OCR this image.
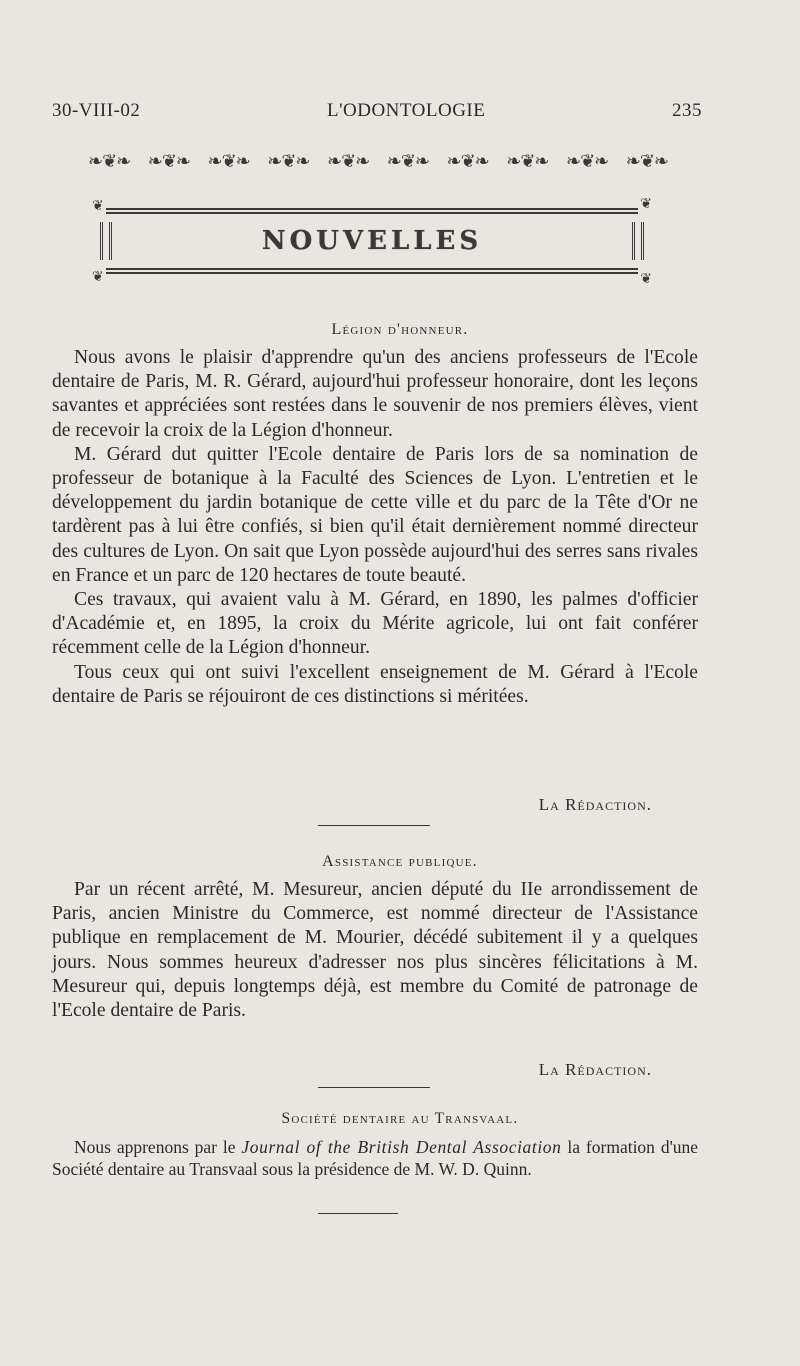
30-VIII-02	L'ODONTOLOGIE	235
❧❦❧ ❧❦❧ ❧❦❧ ❧❦❧ ❧❦❧ ❧❦❧ ❧❦❧ ❧❦❧ ❧❦❧ ❧❦❧
❦	❦
❦	❦
NOUVELLES
Légion d'honneur.

Nous avons le plaisir d'apprendre qu'un des anciens professeurs de l'Ecole dentaire de Paris, M. R. Gérard, aujourd'hui professeur honoraire, dont les leçons savantes et appréciées sont restées dans le souvenir de nos premiers élèves, vient de recevoir la croix de la Légion d'honneur.

M. Gérard dut quitter l'Ecole dentaire de Paris lors de sa nomination de professeur de botanique à la Faculté des Sciences de Lyon. L'entretien et le développement du jardin botanique de cette ville et du parc de la Tête d'Or ne tardèrent pas à lui être confiés, si bien qu'il était dernièrement nommé directeur des cultures de Lyon. On sait que Lyon possède aujourd'hui des serres sans rivales en France et un parc de 120 hectares de toute beauté.

Ces travaux, qui avaient valu à M. Gérard, en 1890, les palmes d'officier d'Académie et, en 1895, la croix du Mérite agricole, lui ont fait conférer récemment celle de la Légion d'honneur.

Tous ceux qui ont suivi l'excellent enseignement de M. Gérard à l'Ecole dentaire de Paris se réjouiront de ces distinctions si méritées.

La Rédaction.
Assistance publique.

Par un récent arrêté, M. Mesureur, ancien député du IIe arrondissement de Paris, ancien Ministre du Commerce, est nommé directeur de l'Assistance publique en remplacement de M. Mourier, décédé subitement il y a quelques jours. Nous sommes heureux d'adresser nos plus sincères félicitations à M. Mesureur qui, depuis longtemps déjà, est membre du Comité de patronage de l'Ecole dentaire de Paris.

La Rédaction.
Société dentaire au Transvaal.

Nous apprenons par le Journal of the British Dental Association la formation d'une Société dentaire au Transvaal sous la présidence de M. W. D. Quinn.
